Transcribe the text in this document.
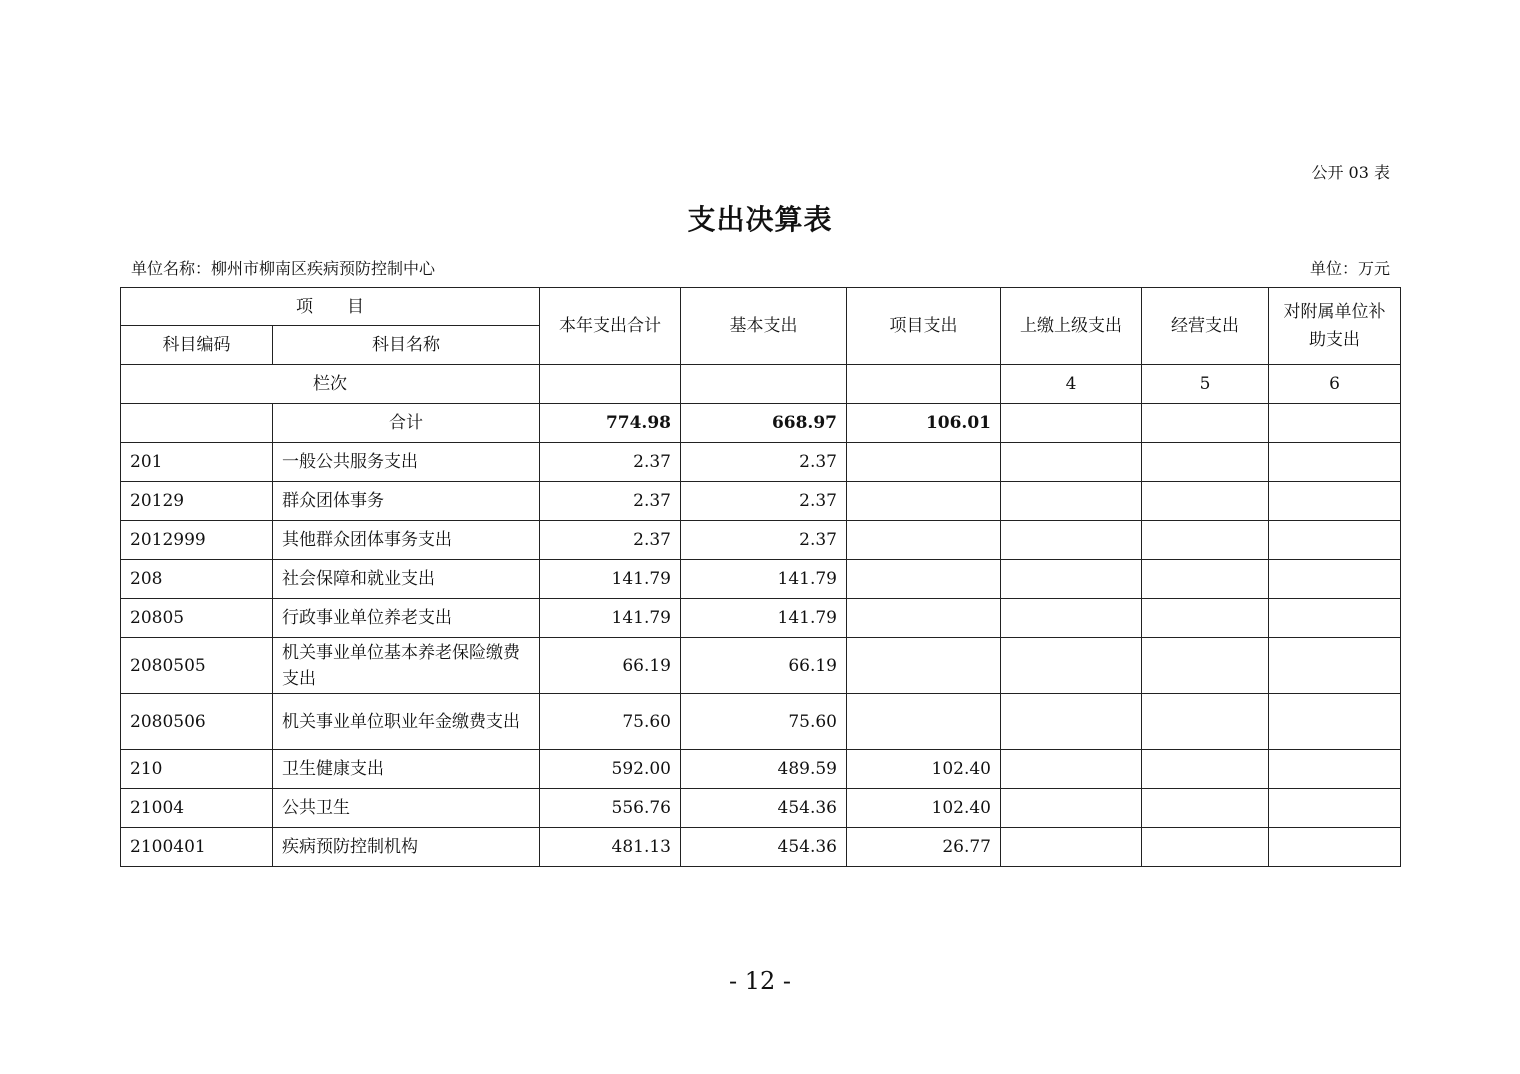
公开 03 表
支出决算表
单位名称：柳州市柳南区疾病预防控制中心	单位：万元
项　　目		本年支出合计	基本支出	项目支出	上缴上级支出	经营支出	对附属单位补助支出
科目编码	科目名称						
栏次					4	5	6
	合计	774.98	668.97	106.01			
201	一般公共服务支出	2.37	2.37				
20129	群众团体事务	2.37	2.37				
2012999	其他群众团体事务支出	2.37	2.37				
208	社会保障和就业支出	141.79	141.79				
20805	行政事业单位养老支出	141.79	141.79				
2080505	机关事业单位基本养老保险缴费支出	66.19	66.19				
2080506	机关事业单位职业年金缴费支出	75.60	75.60				
210	卫生健康支出	592.00	489.59	102.40			
21004	公共卫生	556.76	454.36	102.40			
2100401	疾病预防控制机构	481.13	454.36	26.77			
- 12 -
